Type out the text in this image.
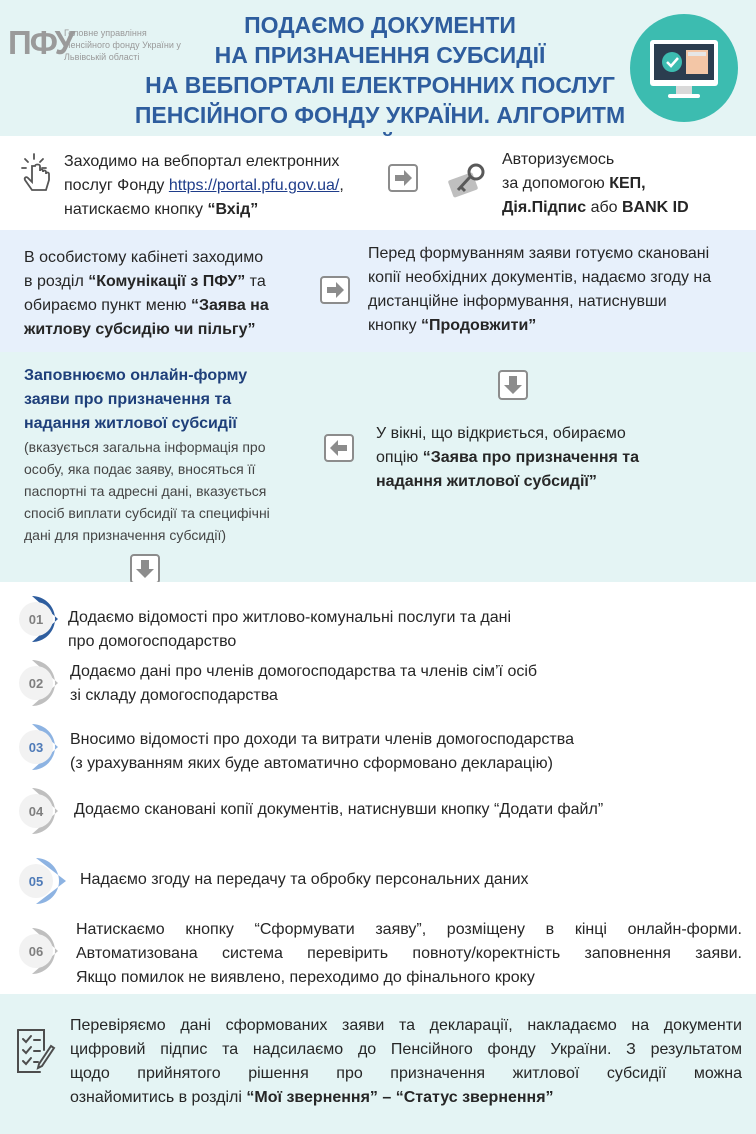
ПФУ
Головне управління Пенсійного фонду України у Львівській області
ПОДАЄМО ДОКУМЕНТИ
НА ПРИЗНАЧЕННЯ СУБСИДІЇ
НА ВЕБПОРТАЛІ ЕЛЕКТРОННИХ ПОСЛУГ
ПЕНСІЙНОГО ФОНДУ УКРАЇНИ. АЛГОРИТМ
Заходимо на вебпортал електронних
послуг Фонду https://portal.pfu.gov.ua/,
натискаємо кнопку “Вхід”
Авторизуємось
за допомогою КЕП,
Дія.Підпис або BANK ID
В особистому кабінеті заходимо
в розділ “Комунікації з ПФУ” та
обираємо пункт меню “Заява на
житлову субсидію чи пільгу”
Перед формуванням заяви готуємо скановані
копії необхідних документів, надаємо згоду на
дистанційне інформування, натиснувши
кнопку “Продовжити”
Заповнюємо онлайн-форму
заяви про призначення та
надання житлової субсидії
(вказується загальна інформація про
особу, яка подає заяву, вносяться її
паспортні та адресні дані, вказується
спосіб виплати субсидії та специфічні
дані для призначення субсидії)
У вікні, що відкриється, обираємо
опцію “Заява про призначення та
надання житлової субсидії”
01 Додаємо відомості про житлово-комунальні послуги та дані
про домогосподарство
02
Додаємо дані про членів домогосподарства та членів сім’ї осіб
зі складу домогосподарства
03 Вносимо відомості про доходи та витрати членів домогосподарства
(з урахуванням яких буде автоматично сформовано декларацію)
04 Додаємо скановані копії документів, натиснувши кнопку “Додати файл”
05 Надаємо згоду на передачу та обробку персональних даних
06
Натискаємо кнопку “Сформувати заяву”, розміщену в кінці онлайн-форми.
Автоматизована система перевірить повноту/коректність заповнення заяви.
Якщо помилок не виявлено, переходимо до фінального кроку
Перевіряємо дані сформованих заяви та декларації, накладаємо на документи
цифровий підпис та надсилаємо до Пенсійного фонду України. З результатом
щодо прийнятого рішення про призначення житлової субсидії можна
ознайомитись в розділі “Мої звернення” – “Статус звернення”
